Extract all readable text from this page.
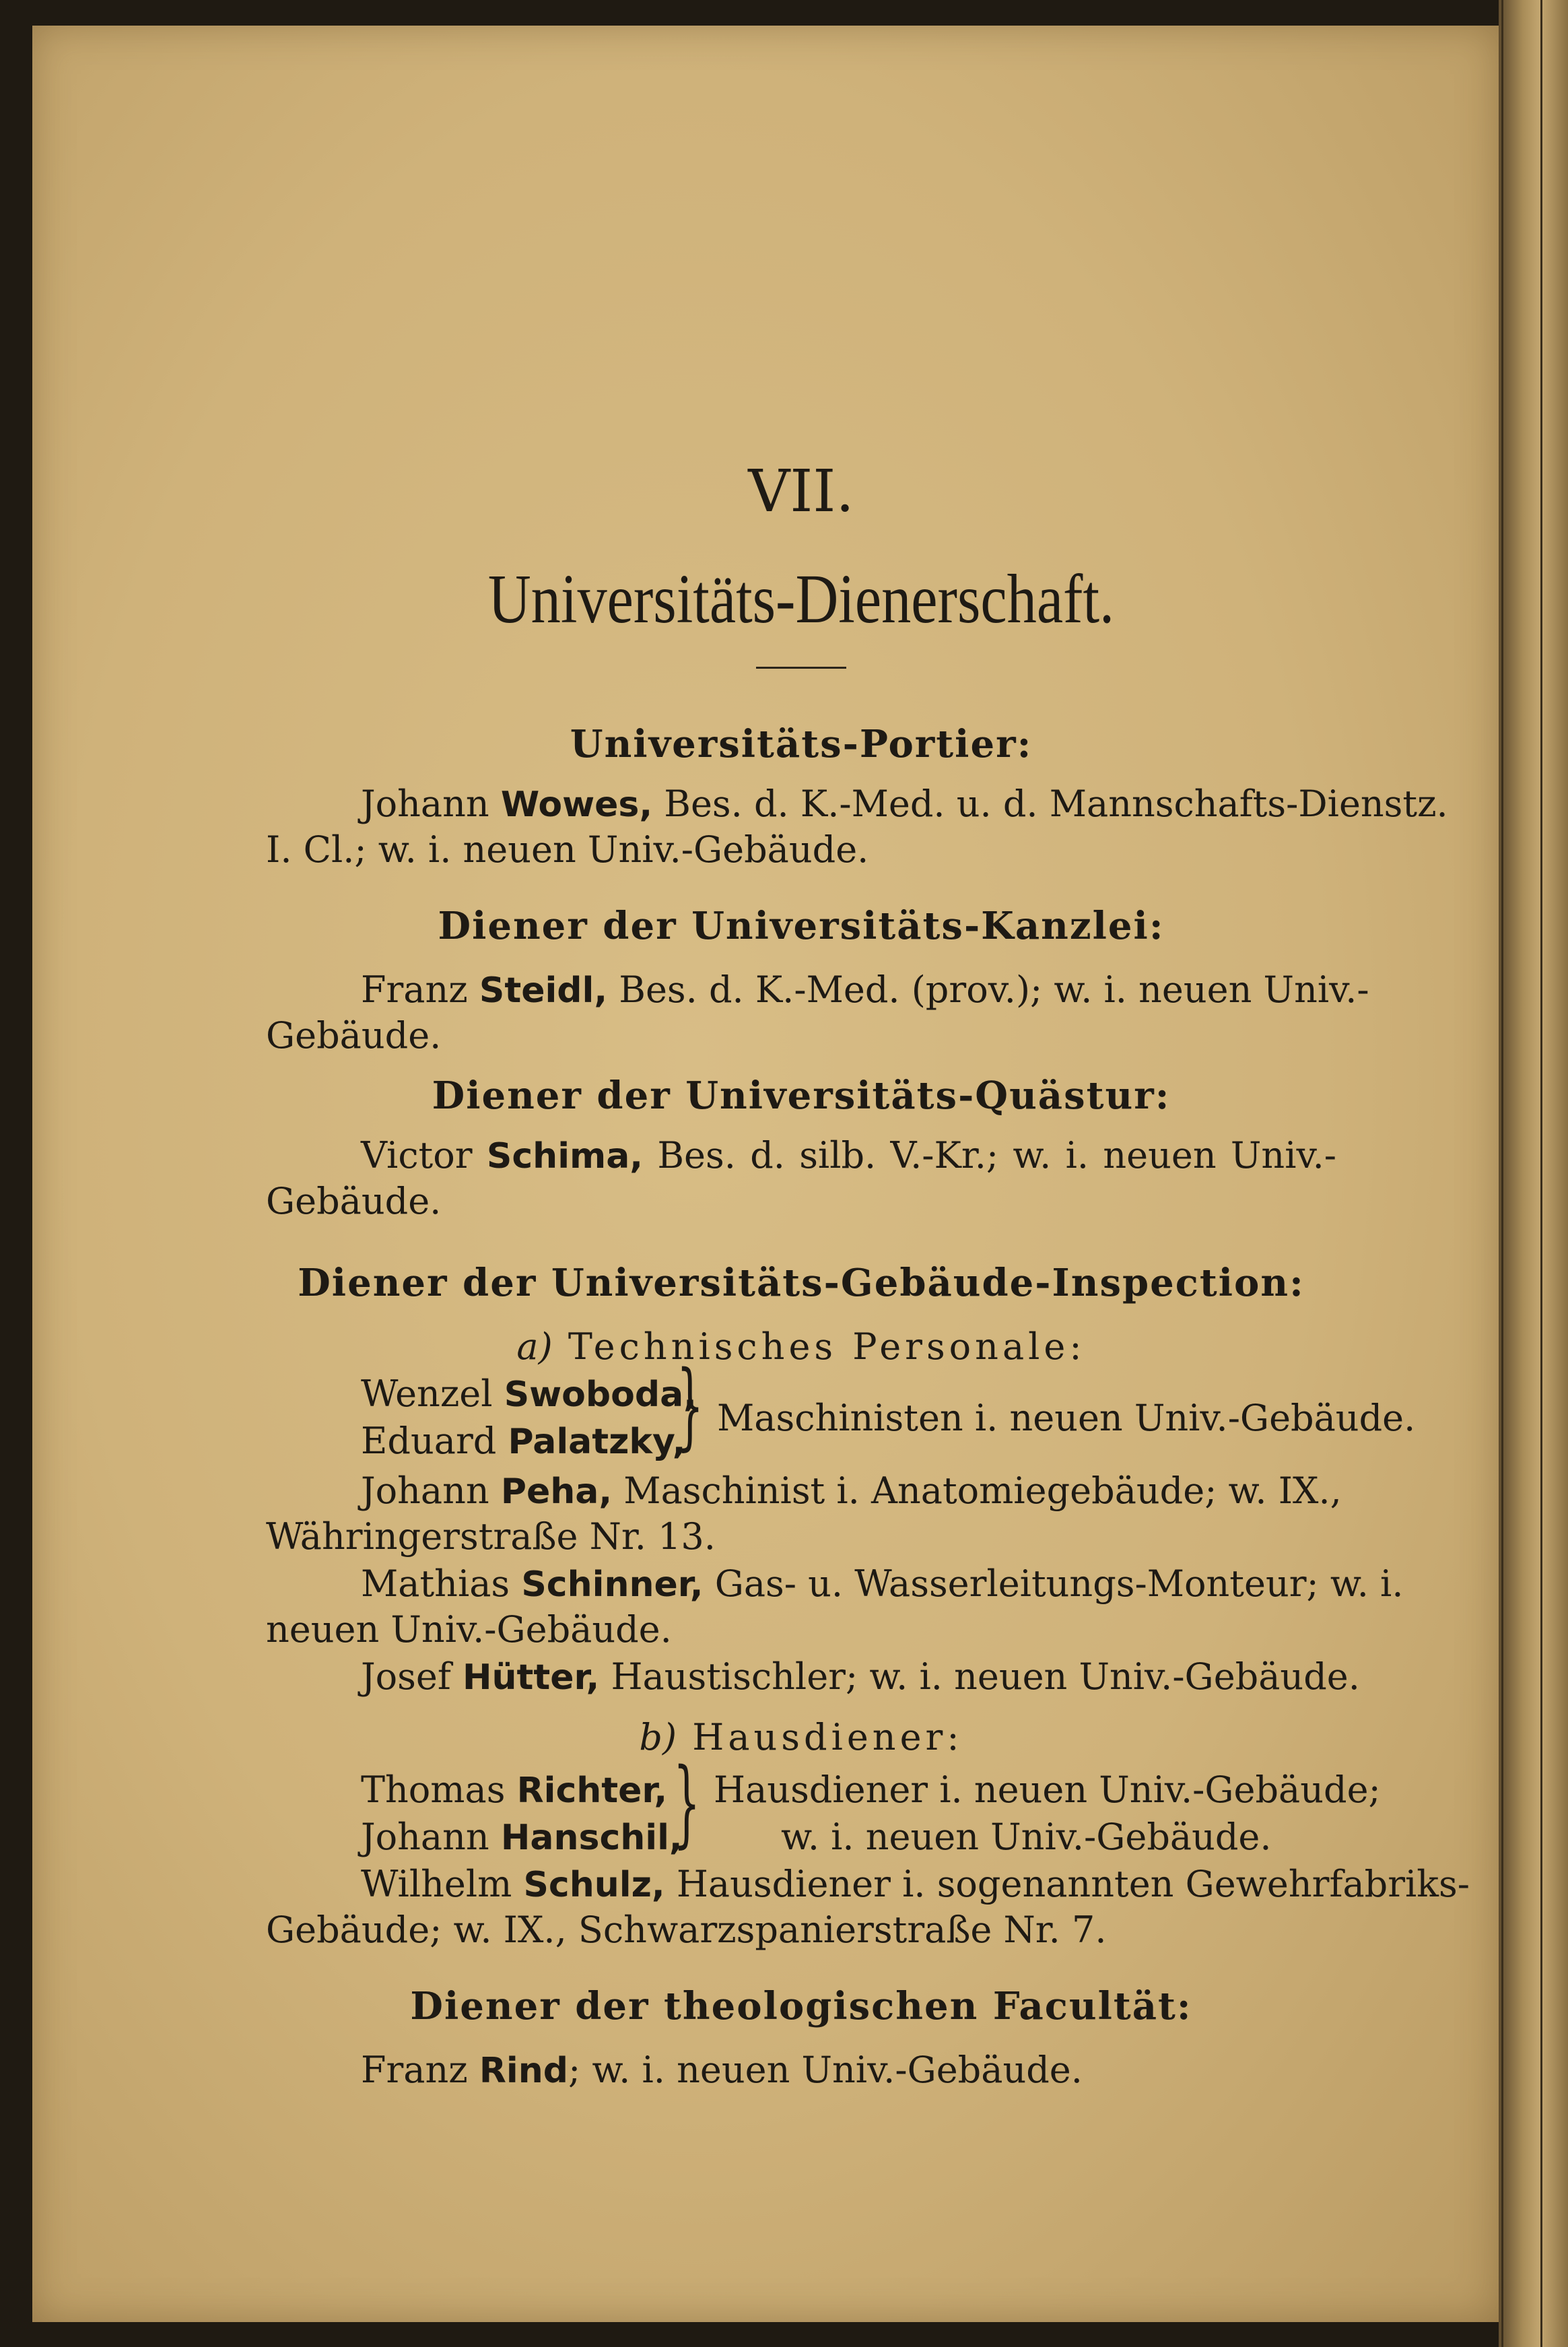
VII.
Universitäts-Dienerschaft.
Universitäts-Portier:
Johann Wowes, Bes. d. K.-Med. u. d. Mannschafts-Dienstz.
I. Cl.; w. i. neuen Univ.-Gebäude.
Diener der Universitäts-Kanzlei:
Franz Steidl, Bes. d. K.-Med. (prov.); w. i. neuen Univ.-
Gebäude.
Diener der Universitäts-Quästur:
Victor Schima, Bes. d. silb. V.-Kr.; w. i. neuen Univ.-
Gebäude.
Diener der Universitäts-Gebäude-Inspection:
a) Technisches Personale:
Wenzel Swoboda,
Eduard Palatzky,
} Maschinisten i. neuen Univ.-Gebäude.
Johann Peha, Maschinist i. Anatomiegebäude; w. IX.,
Währingerstraße Nr. 13.
Mathias Schinner, Gas- u. Wasserleitungs-Monteur; w. i.
neuen Univ.-Gebäude.
Josef Hütter, Haustischler; w. i. neuen Univ.-Gebäude.
b) Hausdiener:
Thomas Richter,
Johann Hanschil,
} Hausdiener i. neuen Univ.-Gebäude;
w. i. neuen Univ.-Gebäude.
Wilhelm Schulz, Hausdiener i. sogenannten Gewehrfabriks-
Gebäude; w. IX., Schwarzspanierstraße Nr. 7.
Diener der theologischen Facultät:
Franz Rind; w. i. neuen Univ.-Gebäude.
